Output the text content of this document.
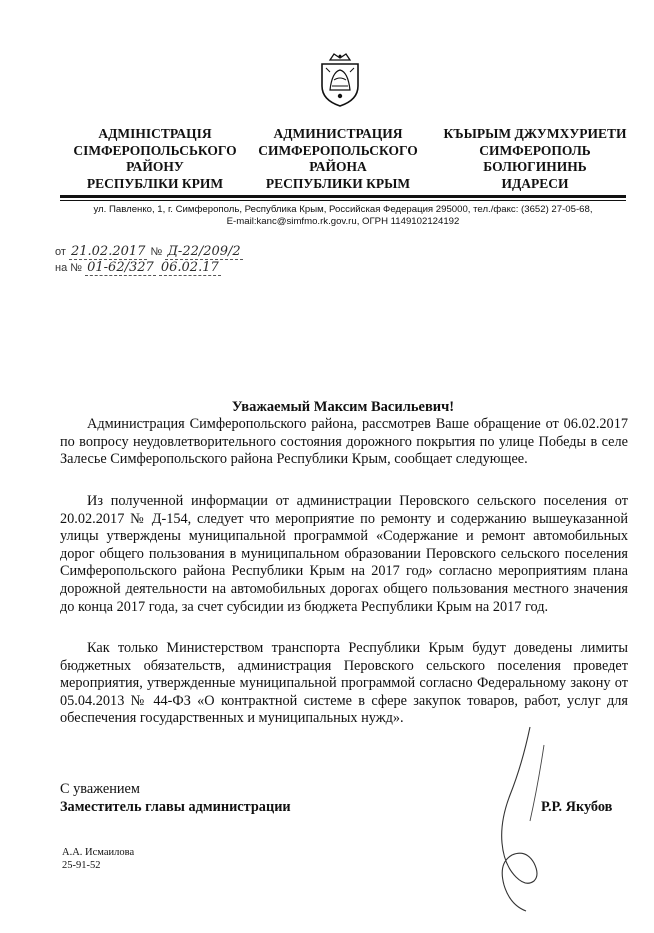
АДМІНІСТРАЦІЯ
СІМФЕРОПОЛЬСЬКОГО
РАЙОНУ
РЕСПУБЛІКИ КРИМ
АДМИНИСТРАЦИЯ
СИМФЕРОПОЛЬСКОГО
РАЙОНА
РЕСПУБЛИКИ КРЫМ
КЪЫРЫМ ДЖУМХУРИЕТИ
СИМФЕРОПОЛЬ
БОЛЮГИНИНЬ
ИДАРЕСИ
ул. Павленко, 1, г. Симферополь, Республика Крым, Российская Федерация 295000, тел./факс: (3652) 27-05-68,
E-mail:kanc@simfmo.rk.gov.ru, ОГРН 1149102124192
от 21.02.2017 № Д-22/209/2
на № 01-62/327 06.02.17
Уважаемый Максим Васильевич!

Администрация Симферопольского района, рассмотрев Ваше обращение от 06.02.2017 по вопросу неудовлетворительного состояния дорожного покрытия по улице Победы в селе Залесье Симферопольского района Республики Крым, сообщает следующее.

Из полученной информации от администрации Перовского сельского поселения от 20.02.2017 № Д-154, следует что мероприятие по ремонту и содержанию вышеуказанной улицы утверждены муниципальной программой «Содержание и ремонт автомобильных дорог общего пользования в муниципальном образовании Перовского сельского поселения Симферопольского района Республики Крым на 2017 год» согласно мероприятиям плана дорожной деятельности на автомобильных дорогах общего пользования местного значения до конца 2017 года, за счет субсидии из бюджета Республики Крым на 2017 год.

Как только Министерством транспорта Республики Крым будут доведены лимиты бюджетных обязательств, администрация Перовского сельского поселения проведет мероприятия, утвержденные муниципальной программой согласно Федеральному закону от 05.04.2013 № 44-ФЗ «О контрактной системе в сфере закупок товаров, работ, услуг для обеспечения государственных и муниципальных нужд».

С уважением
Заместитель главы администрации	Р.Р. Якубов
А.А. Исмаилова
25-91-52
